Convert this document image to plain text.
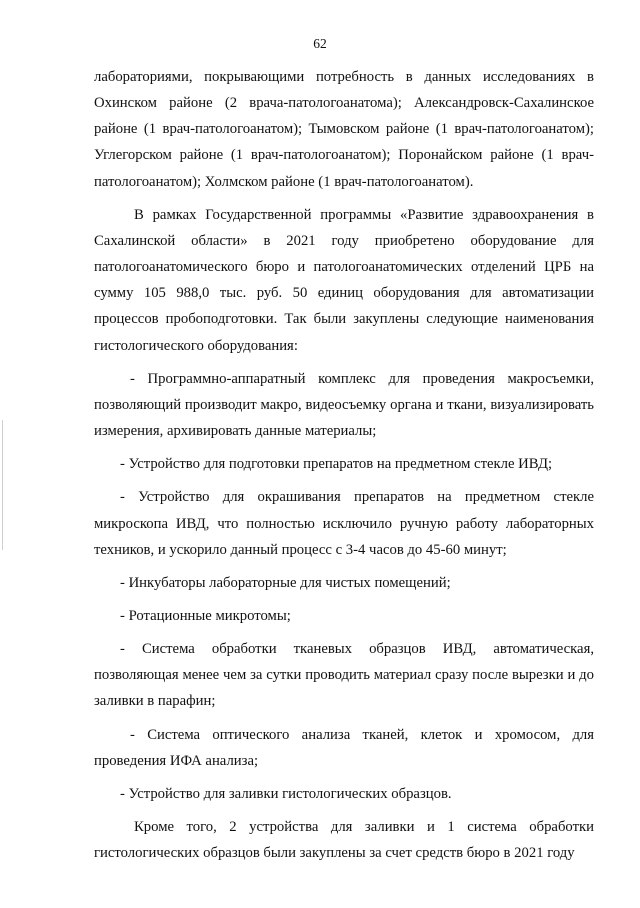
62

лабораториями, покрывающими потребность в данных исследованиях в Охинском районе (2 врача-патологоанатома); Александровск-Сахалинское районе (1 врач-патологоанатом); Тымовском районе (1 врач-патологоанатом); Углегорском районе (1 врач-патологоанатом); Поронайском районе (1 врач-патологоанатом); Холмском районе (1 врач-патологоанатом).

В рамках Государственной программы «Развитие здравоохранения в Сахалинской области» в 2021 году приобретено оборудование для патологоанатомического бюро и патологоанатомических отделений ЦРБ на сумму 105 988,0 тыс. руб. 50 единиц оборудования для автоматизации процессов пробоподготовки. Так были закуплены следующие наименования гистологического оборудования:

- Программно-аппаратный комплекс для проведения макросъемки, позволяющий производит макро, видеосъемку органа и ткани, визуализировать измерения, архивировать данные материалы;

- Устройство для подготовки препаратов на предметном стекле ИВД;

- Устройство для окрашивания препаратов на предметном стекле микроскопа ИВД, что полностью исключило ручную работу лабораторных техников, и ускорило данный процесс с 3-4 часов до 45-60 минут;

- Инкубаторы лабораторные для чистых помещений;

- Ротационные микротомы;

- Система обработки тканевых образцов ИВД, автоматическая, позволяющая менее чем за сутки проводить материал сразу после вырезки и до заливки в парафин;

- Система оптического анализа тканей, клеток и хромосом, для проведения ИФА анализа;

- Устройство для заливки гистологических образцов.

Кроме того, 2 устройства для заливки и 1 система обработки гистологических образцов были закуплены за счет средств бюро в 2021 году
